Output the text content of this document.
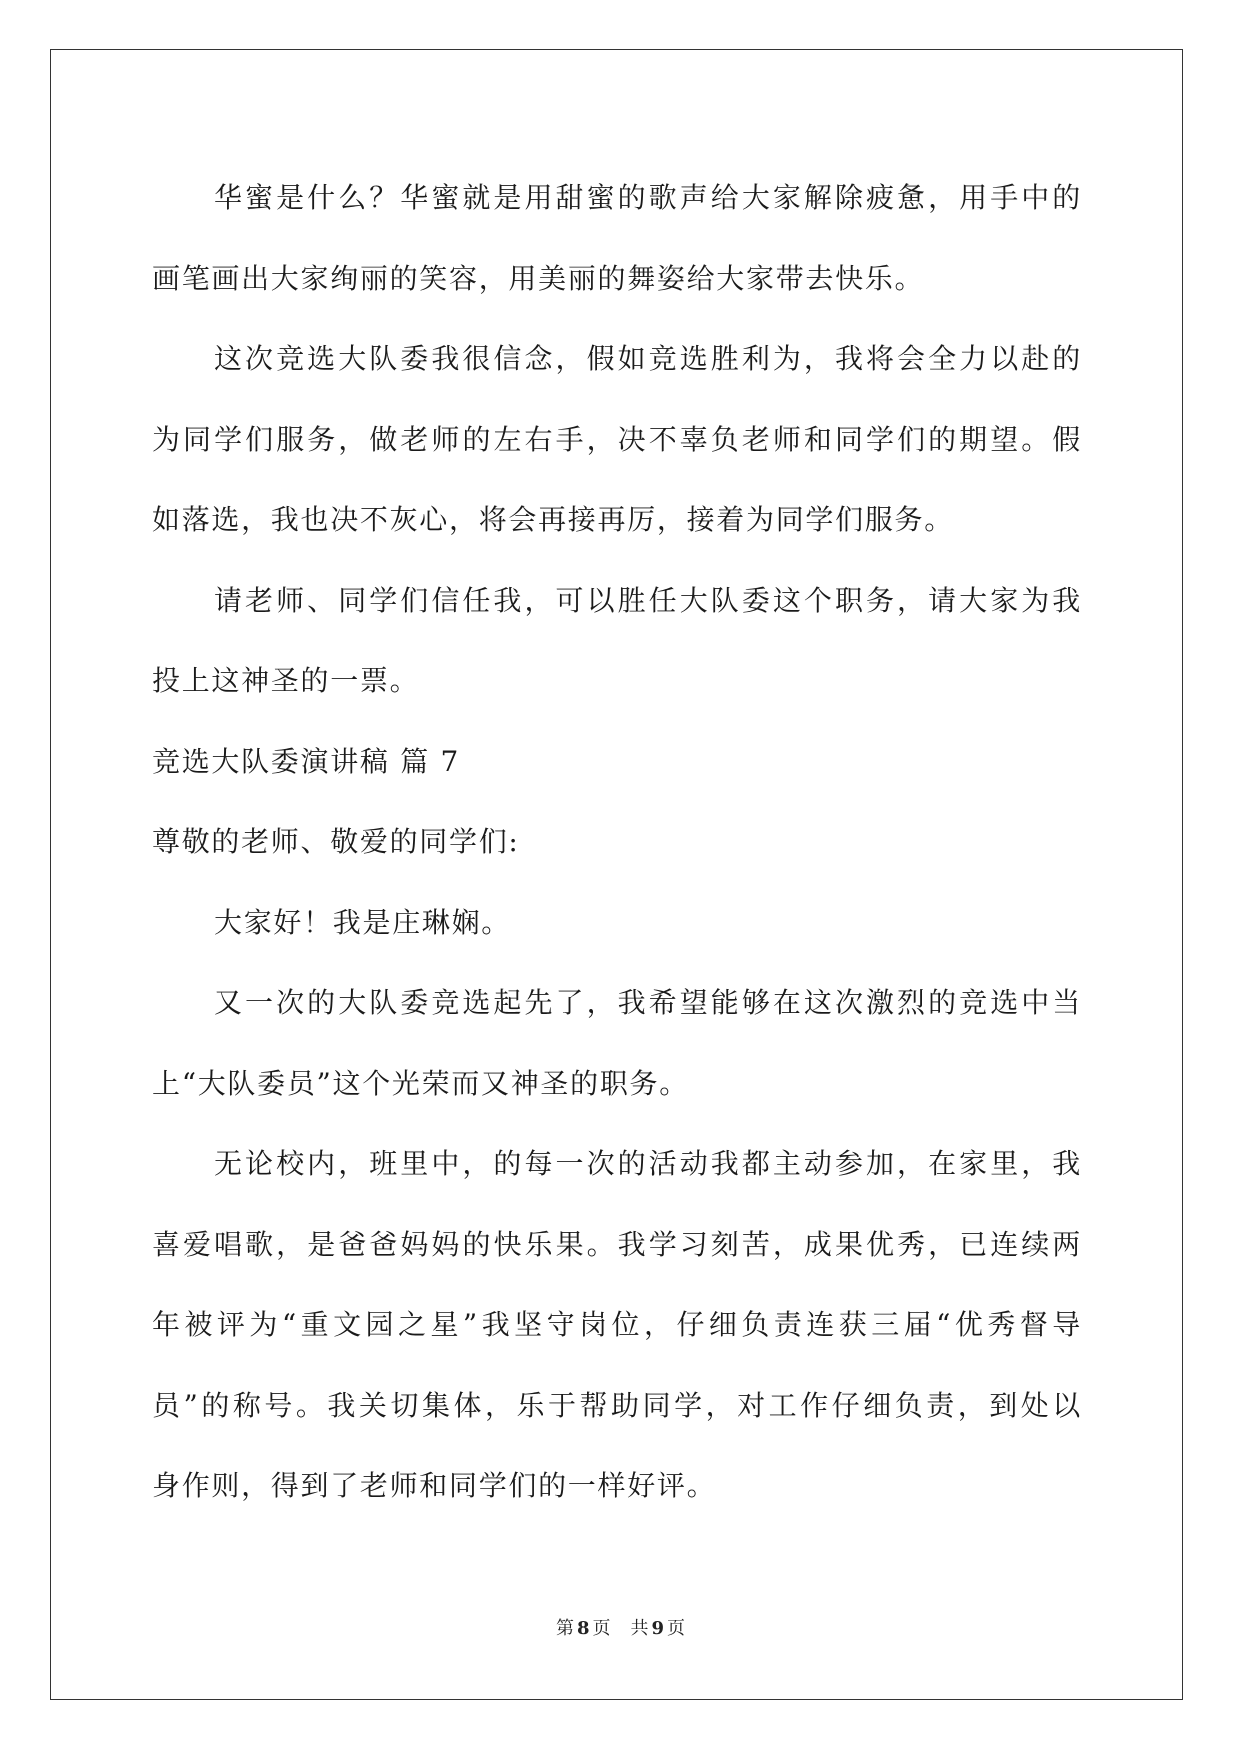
华蜜是什么？华蜜就是用甜蜜的歌声给大家解除疲惫，用手中的
画笔画出大家绚丽的笑容，用美丽的舞姿给大家带去快乐。
这次竞选大队委我很信念，假如竞选胜利为，我将会全力以赴的
为同学们服务，做老师的左右手，决不辜负老师和同学们的期望。假
如落选，我也决不灰心，将会再接再厉，接着为同学们服务。
请老师、同学们信任我，可以胜任大队委这个职务，请大家为我
投上这神圣的一票。
竞选大队委演讲稿 篇 7
尊敬的老师、敬爱的同学们:
大家好！我是庄琳娴。
又一次的大队委竞选起先了，我希望能够在这次激烈的竞选中当
上“大队委员”这个光荣而又神圣的职务。
无论校内，班里中，的每一次的活动我都主动参加，在家里，我
喜爱唱歌，是爸爸妈妈的快乐果。我学习刻苦，成果优秀，已连续两
年被评为“重文园之星”我坚守岗位，仔细负责连获三届“优秀督导
员”的称号。我关切集体，乐于帮助同学，对工作仔细负责，到处以
身作则，得到了老师和同学们的一样好评。
第 8 页 共 9 页
